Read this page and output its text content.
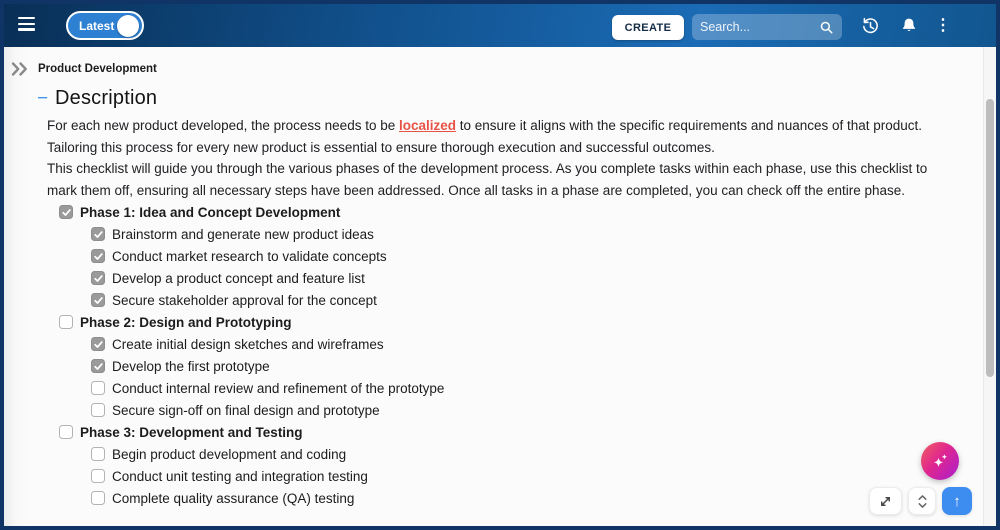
Latest	CREATE
Search...	⋮
Product Development
− Description

For each new product developed, the process needs to be localized to ensure it aligns with the specific requirements and nuances of that product. Tailoring this process for every new product is essential to ensure thorough execution and successful outcomes.

This checklist will guide you through the various phases of the development process. As you complete tasks within each phase, use this checklist to mark them off, ensuring all necessary steps have been addressed. Once all tasks in a phase are completed, you can check off the entire phase.

Phase 1: Idea and Concept Development
Brainstorm and generate new product ideas
Conduct market research to validate concepts
Develop a product concept and feature list
Secure stakeholder approval for the concept
Phase 2: Design and Prototyping
Create initial design sketches and wireframes
Develop the first prototype
Conduct internal review and refinement of the prototype
Secure sign-off on final design and prototype
Phase 3: Development and Testing
Begin product development and coding
Conduct unit testing and integration testing
Complete quality assurance (QA) testing	↑
